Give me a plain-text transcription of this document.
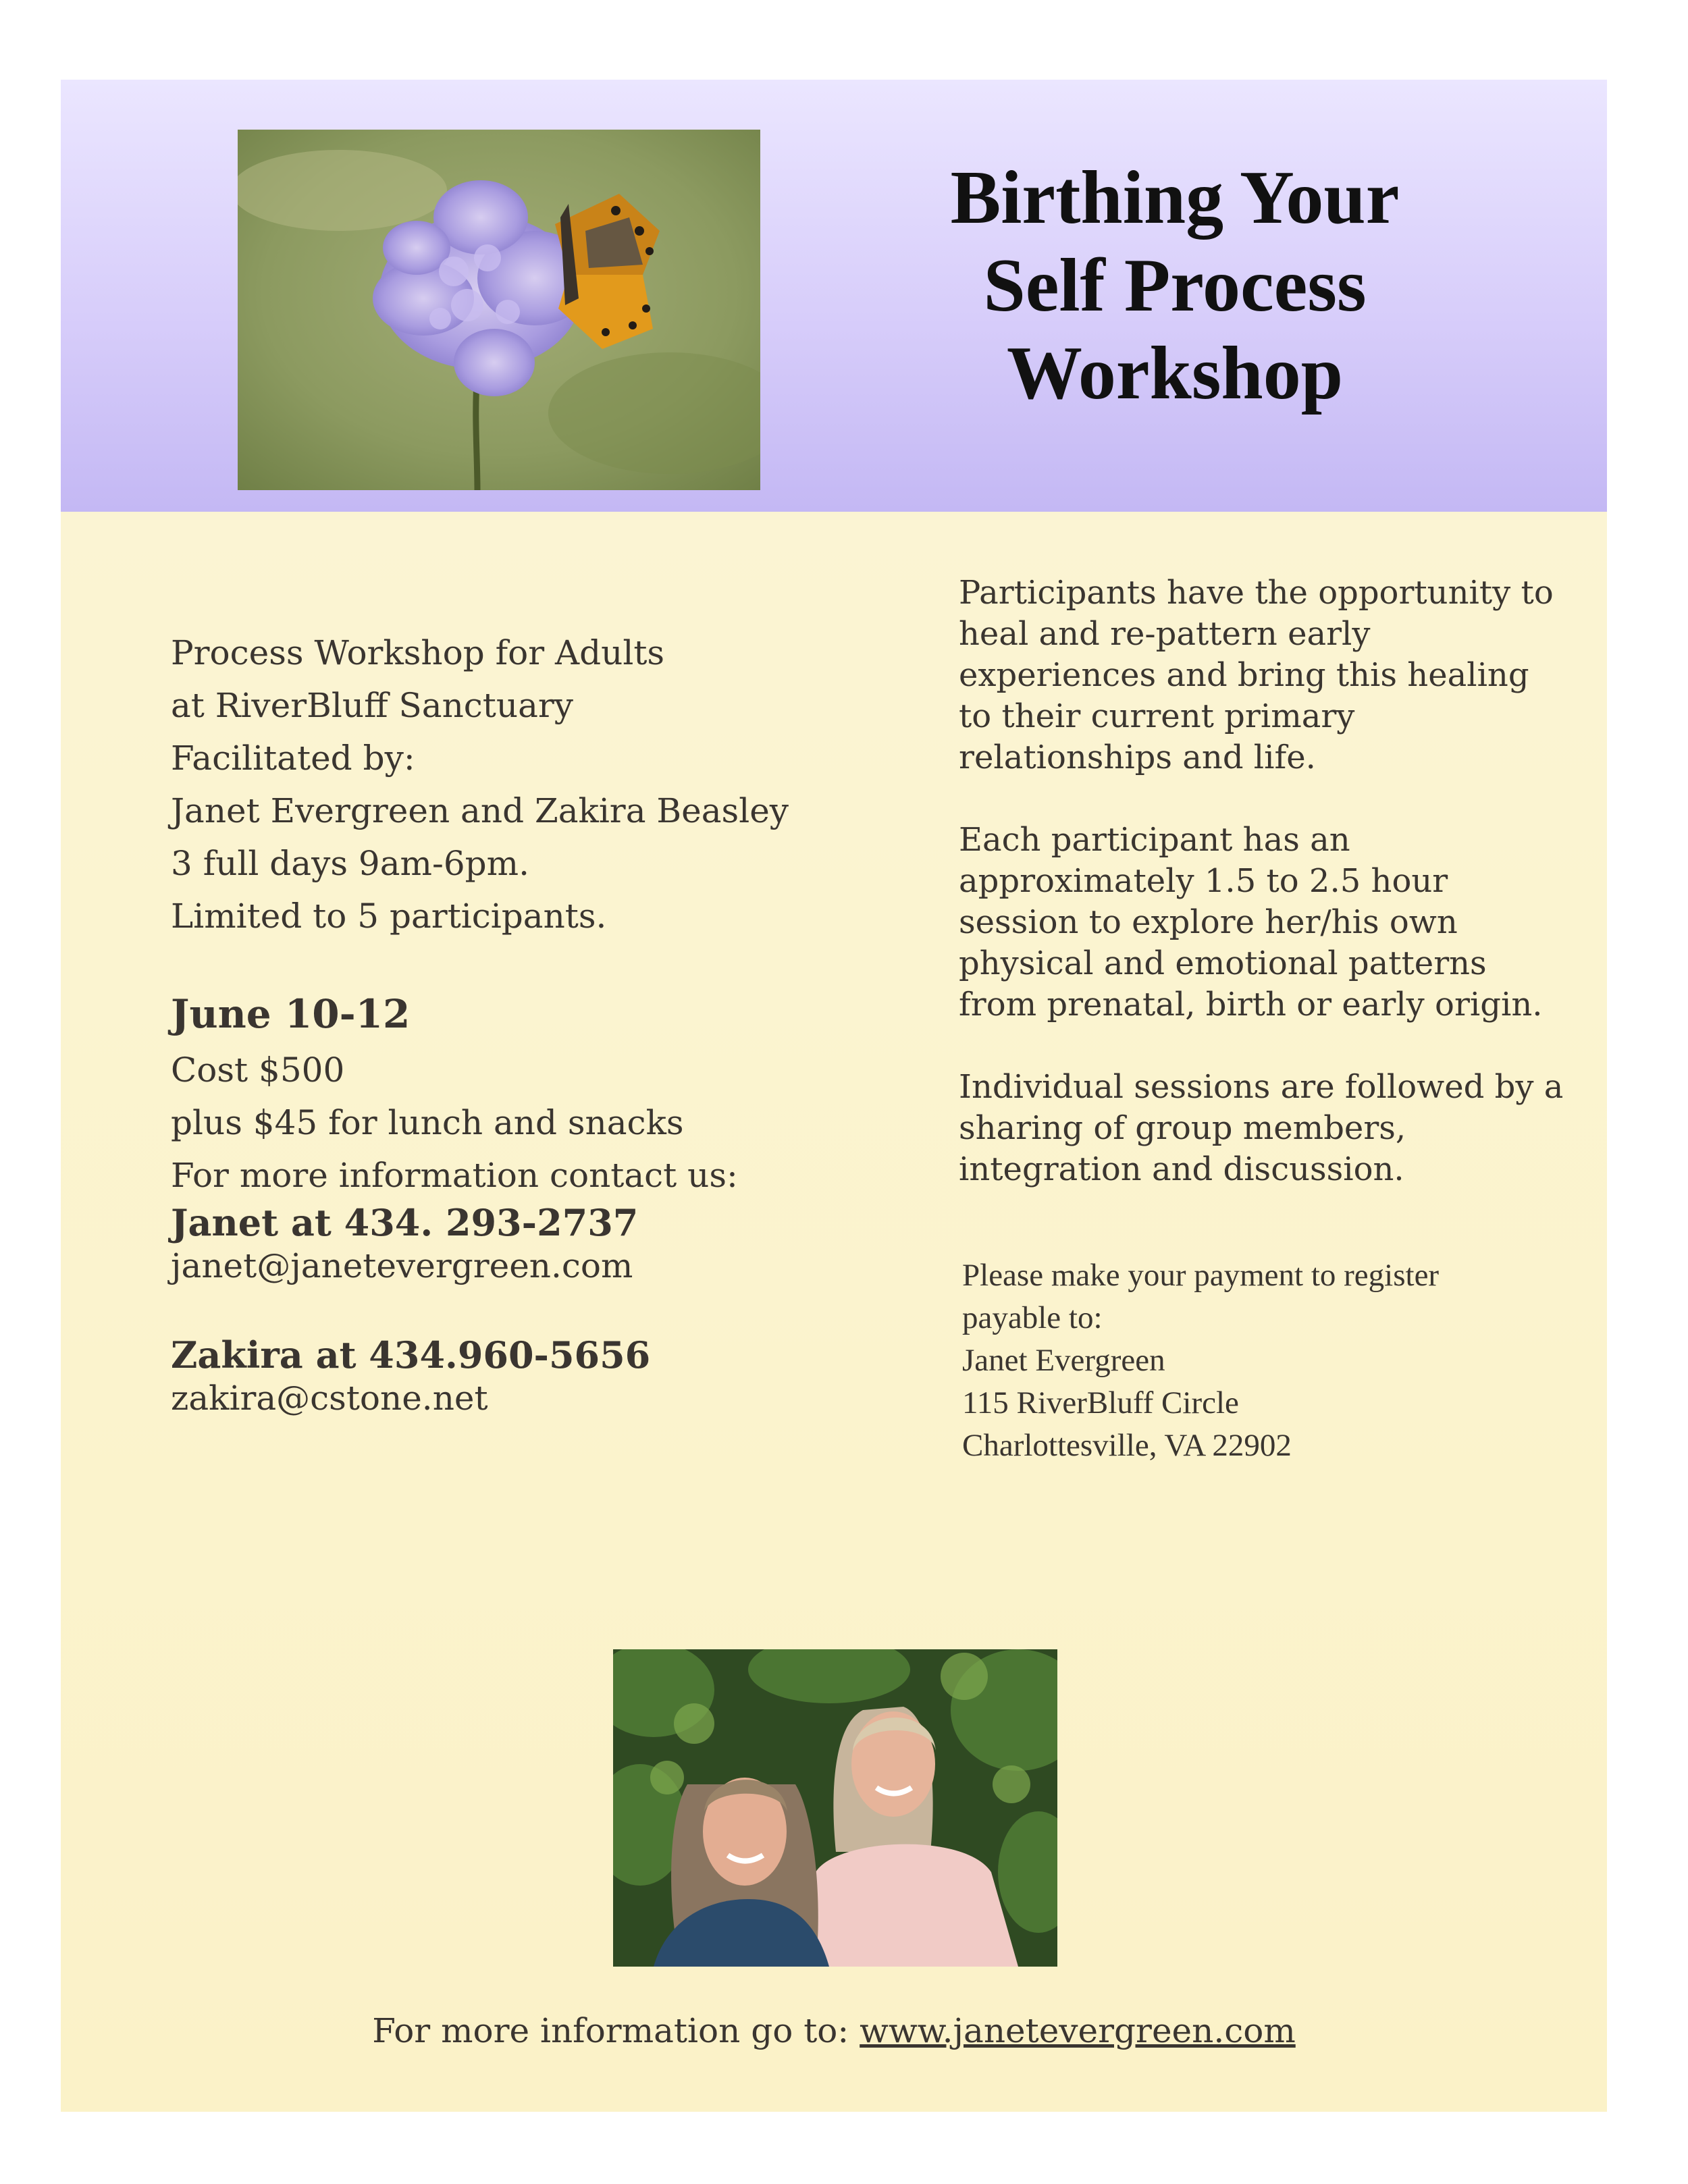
Birthing Your
Self Process
Workshop
Process Workshop for Adults
at RiverBluff Sanctuary
Facilitated by:
Janet Evergreen and Zakira Beasley
3 full days 9am-6pm.
Limited to 5 participants.
June 10-12
Cost $500
plus $45 for lunch and snacks
For more information contact us:
Janet at 434. 293-2737
janet@janetevergreen.com
Zakira at 434.960-5656
zakira@cstone.net

Participants have the opportunity to heal and re-pattern early experiences and bring this healing to their current primary relationships and life.

Each participant has an approximately 1.5 to 2.5 hour session to explore her/his own physical and emotional patterns from prenatal, birth or early origin.

Individual sessions are followed by a sharing of group members, integration and discussion.

Please make your payment to register
payable to:
Janet Evergreen
115 RiverBluff Circle
Charlottesville, VA 22902
For more information go to: www.janetevergreen.com
